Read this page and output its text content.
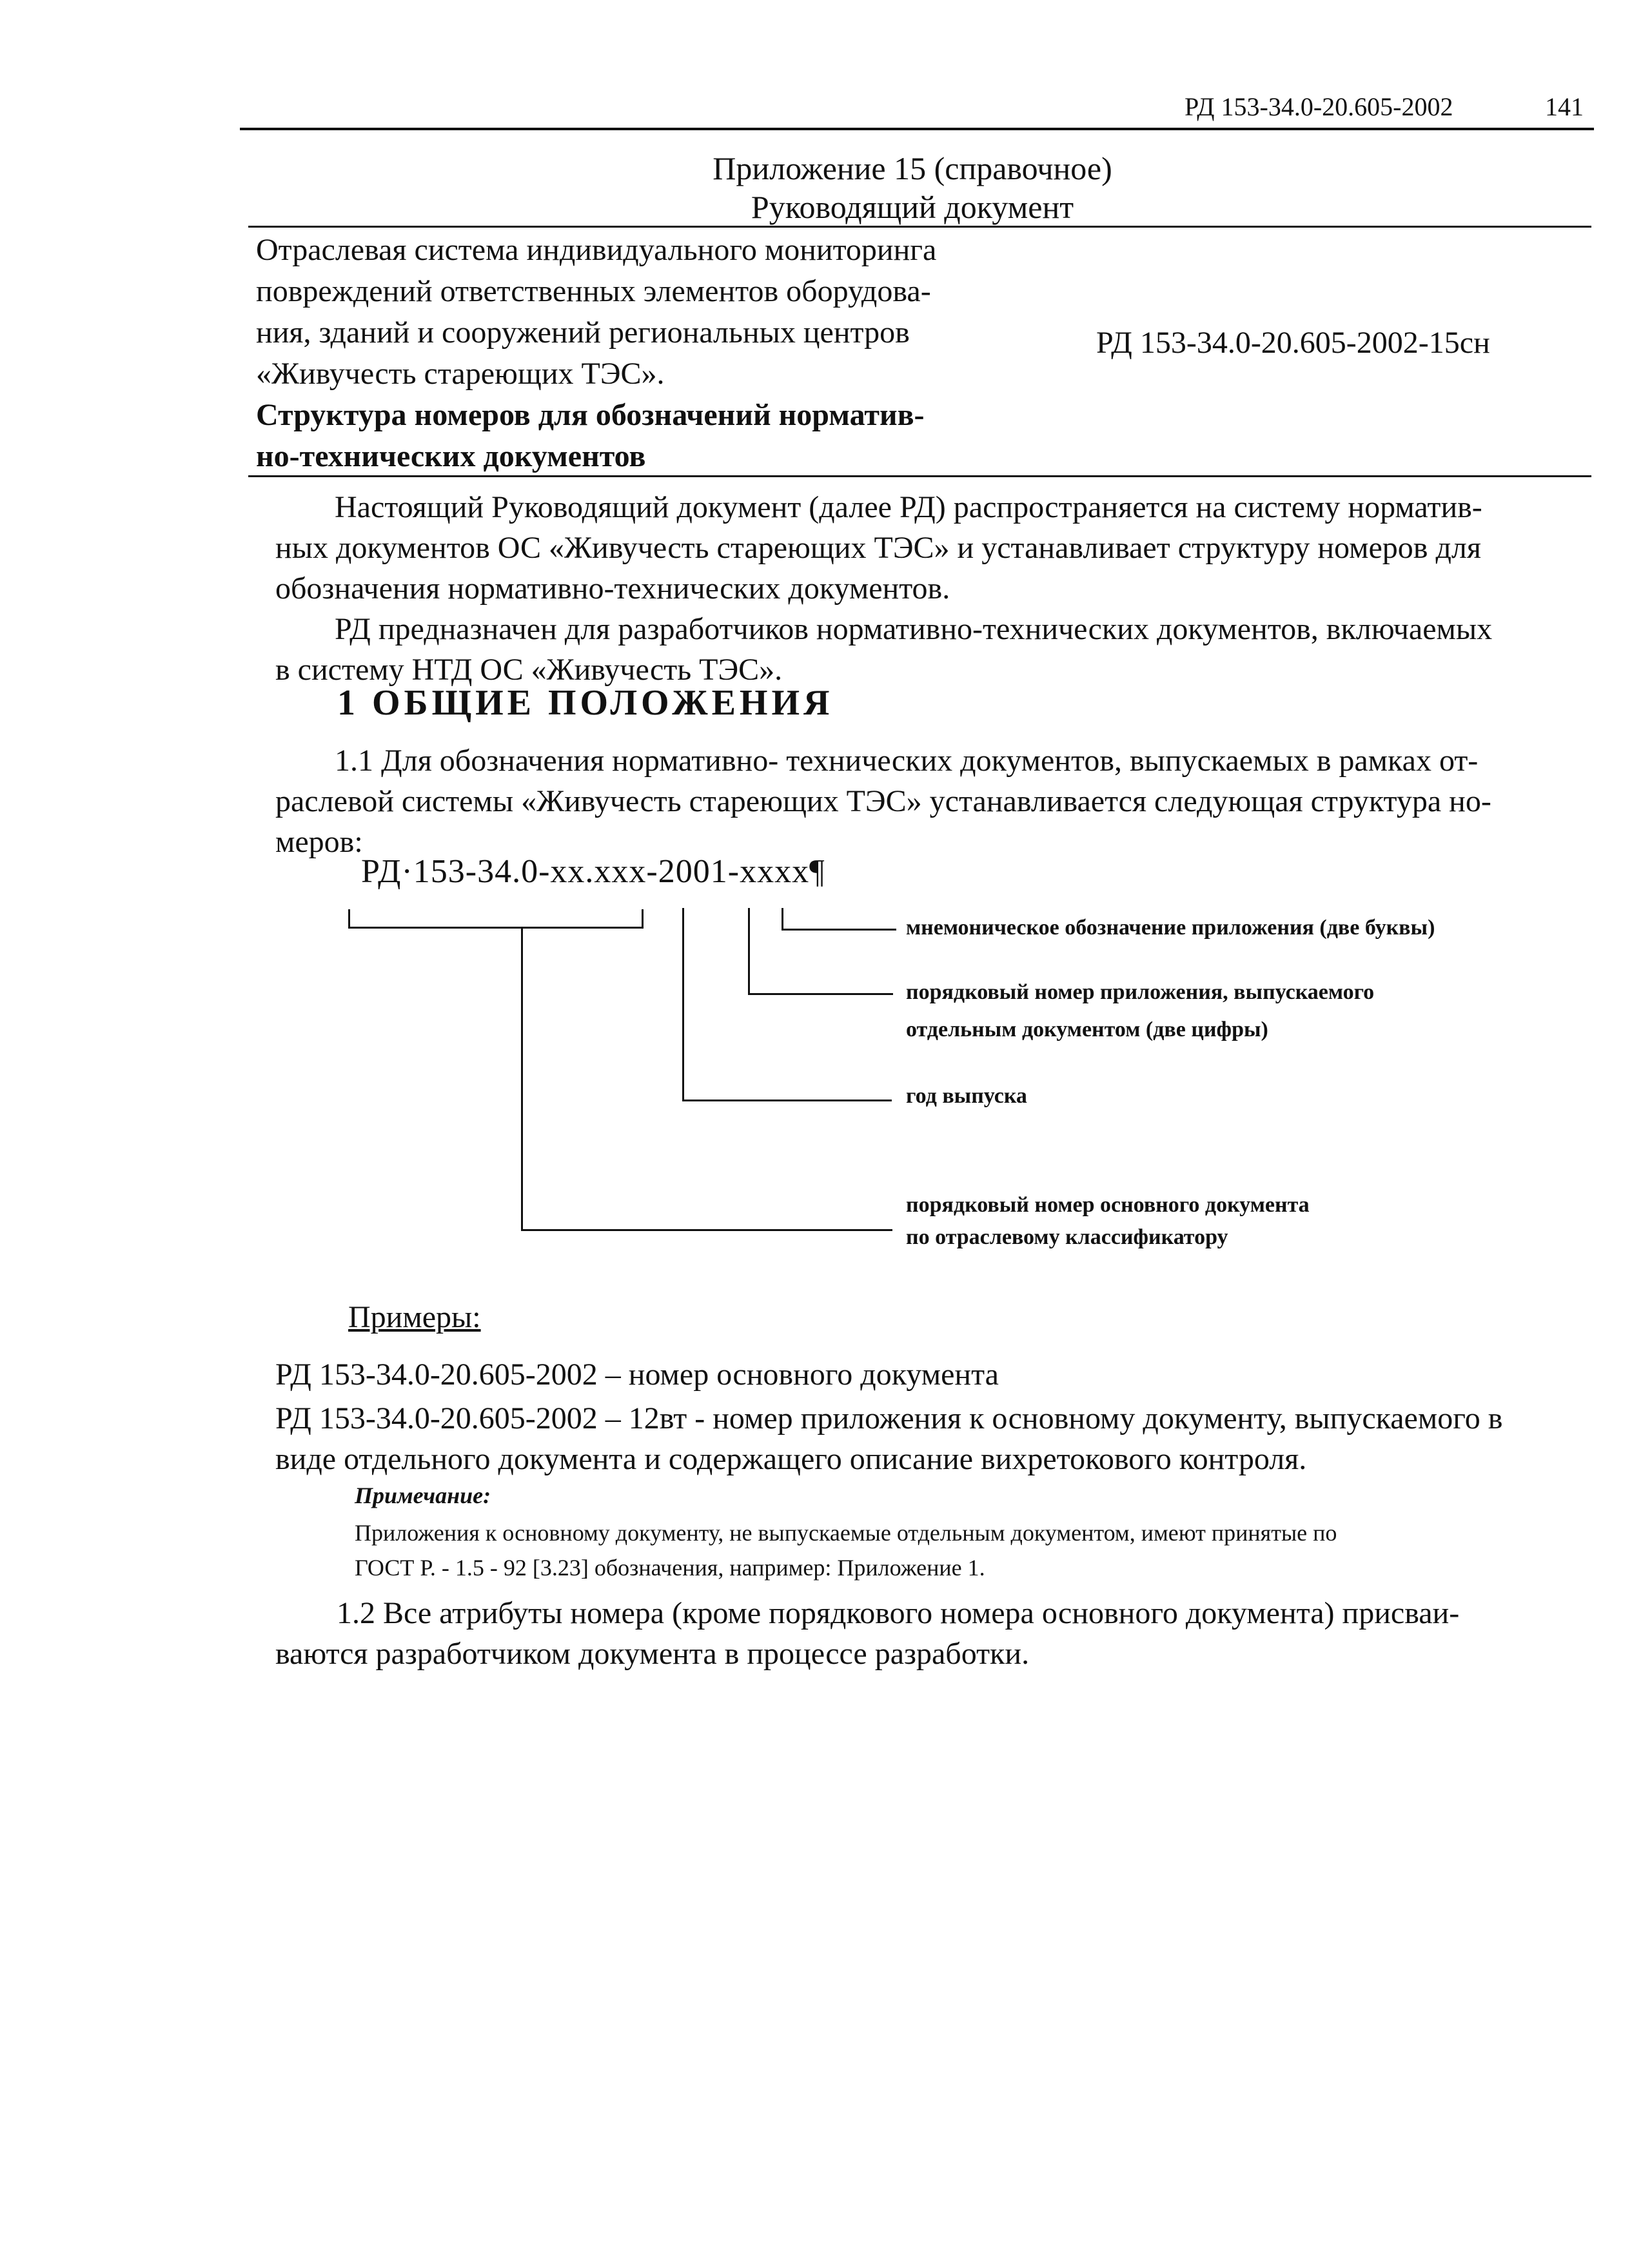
РД 153-34.0-20.605-2002	141
Приложение 15 (справочное)
Руководящий документ
Отраслевая система индивидуального мониторинга
повреждений ответственных элементов оборудова-
ния, зданий и сооружений региональных центров
«Живучесть стареющих ТЭС».
Структура номеров для обозначений норматив-
но-технических документов
РД 153-34.0-20.605-2002-15сн
Настоящий Руководящий документ (далее РД) распространяется на систему норматив-
ных документов ОС «Живучесть стареющих ТЭС» и устанавливает структуру номеров для
обозначения нормативно-технических документов.
РД предназначен для разработчиков нормативно-технических документов, включаемых
в систему НТД ОС «Живучесть ТЭС».
1 ОБЩИЕ ПОЛОЖЕНИЯ
1.1 Для обозначения нормативно- технических документов, выпускаемых в рамках от-
раслевой системы «Живучесть стареющих ТЭС» устанавливается следующая структура но-
меров:
РД·153-34.0-хх.ххх-2001-хххх¶
мнемоническое обозначение приложения (две буквы)
порядковый номер приложения, выпускаемого
отдельным документом (две цифры)
год выпуска
порядковый номер основного документа
по отраслевому классификатору
Примеры:
РД 153-34.0-20.605-2002 – номер основного документа
РД 153-34.0-20.605-2002 – 12вт - номер приложения к основному документу, выпускаемого в
виде отдельного документа и содержащего описание вихретокового контроля.
Примечание:
Приложения к основному документу, не выпускаемые отдельным документом, имеют принятые по
ГОСТ Р. - 1.5 - 92 [3.23] обозначения, например: Приложение 1.
1.2 Все атрибуты номера (кроме порядкового номера основного документа) присваи-
ваются разработчиком документа в процессе разработки.
